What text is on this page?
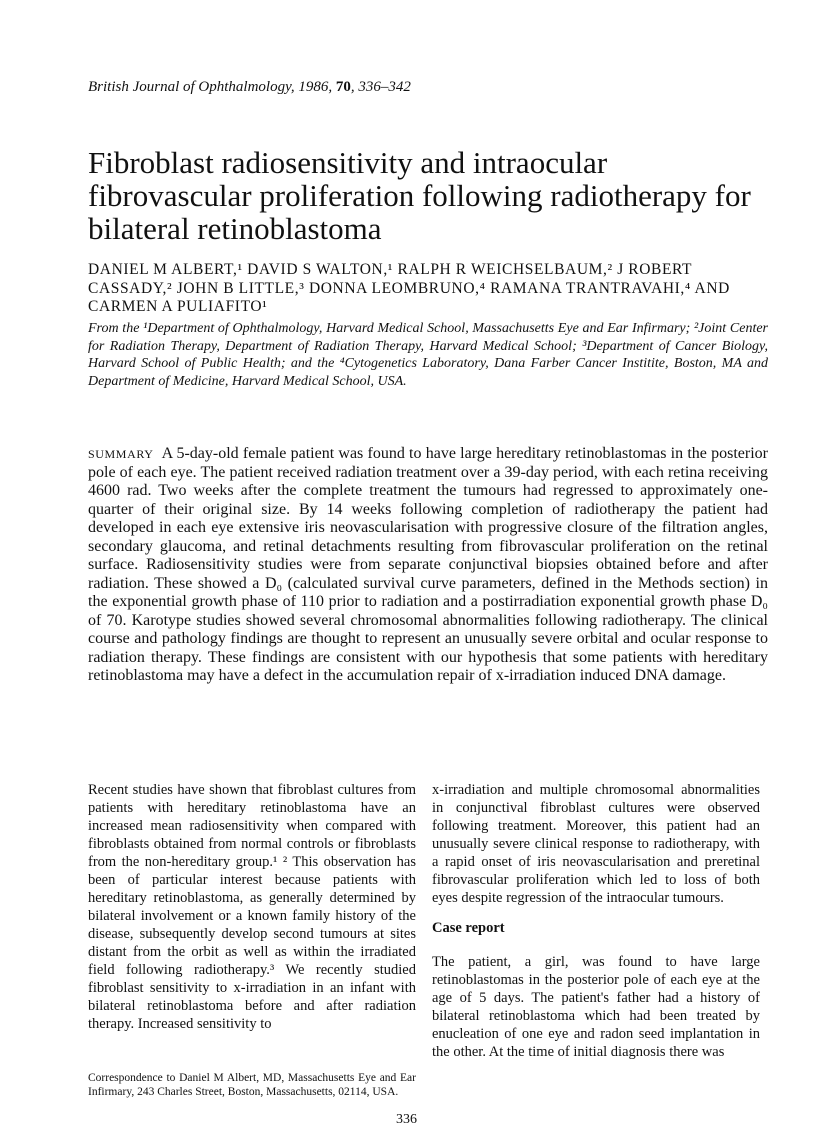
British Journal of Ophthalmology, 1986, 70, 336–342
Fibroblast radiosensitivity and intraocular fibrovascular proliferation following radiotherapy for bilateral retinoblastoma
DANIEL M ALBERT,¹ DAVID S WALTON,¹ RALPH R WEICHSELBAUM,² J ROBERT CASSADY,² JOHN B LITTLE,³ DONNA LEOMBRUNO,⁴ RAMANA TRANTRAVAHI,⁴ AND CARMEN A PULIAFITO¹
From the ¹Department of Ophthalmology, Harvard Medical School, Massachusetts Eye and Ear Infirmary; ²Joint Center for Radiation Therapy, Department of Radiation Therapy, Harvard Medical School; ³Department of Cancer Biology, Harvard School of Public Health; and the ⁴Cytogenetics Laboratory, Dana Farber Cancer Institite, Boston, MA and Department of Medicine, Harvard Medical School, USA.
SUMMARY A 5-day-old female patient was found to have large hereditary retinoblastomas in the posterior pole of each eye. The patient received radiation treatment over a 39-day period, with each retina receiving 4600 rad. Two weeks after the complete treatment the tumours had regressed to approximately one-quarter of their original size. By 14 weeks following completion of radiotherapy the patient had developed in each eye extensive iris neovascularisation with progressive closure of the filtration angles, secondary glaucoma, and retinal detachments resulting from fibrovascular proliferation on the retinal surface. Radiosensitivity studies were from separate conjunctival biopsies obtained before and after radiation. These showed a D₀ (calculated survival curve parameters, defined in the Methods section) in the exponential growth phase of 110 prior to radiation and a postirradiation exponential growth phase D₀ of 70. Karotype studies showed several chromosomal abnormalities following radiotherapy. The clinical course and pathology findings are thought to represent an unusually severe orbital and ocular response to radiation therapy. These findings are consistent with our hypothesis that some patients with hereditary retinoblastoma may have a defect in the accumulation repair of x-irradiation induced DNA damage.

Recent studies have shown that fibroblast cultures from patients with hereditary retinoblastoma have an increased mean radiosensitivity when compared with fibroblasts obtained from normal controls or fibroblasts from the non-hereditary group.¹ ² This observation has been of particular interest because patients with hereditary retinoblastoma, as generally determined by bilateral involvement or a known family history of the disease, subsequently develop second tumours at sites distant from the orbit as well as within the irradiated field following radiotherapy.³ We recently studied fibroblast sensitivity to x-irradiation in an infant with bilateral retinoblastoma before and after radiation therapy. Increased sensitivity to

x-irradiation and multiple chromosomal abnormalities in conjunctival fibroblast cultures were observed following treatment. Moreover, this patient had an unusually severe clinical response to radiotherapy, with a rapid onset of iris neovascularisation and preretinal fibrovascular proliferation which led to loss of both eyes despite regression of the intraocular tumours.

Case report

The patient, a girl, was found to have large retinoblastomas in the posterior pole of each eye at the age of 5 days. The patient's father had a history of bilateral retinoblastoma which had been treated by enucleation of one eye and radon seed implantation in the other. At the time of initial diagnosis there was

Correspondence to Daniel M Albert, MD, Massachusetts Eye and Ear Infirmary, 243 Charles Street, Boston, Massachusetts, 02114, USA.
336
